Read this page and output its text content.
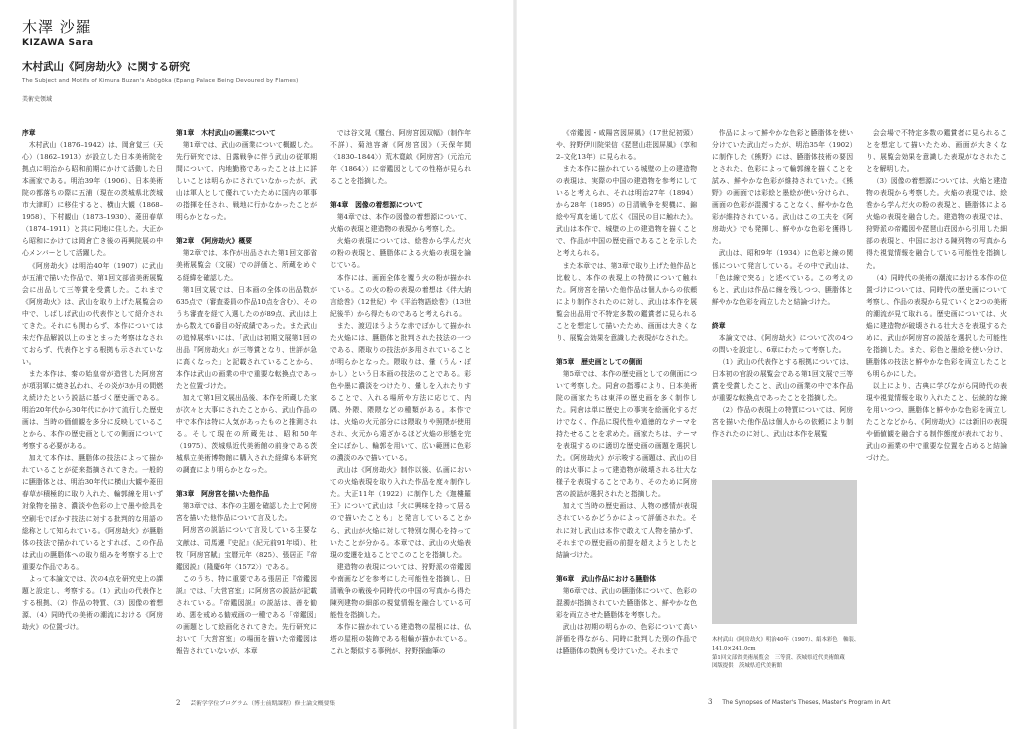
木澤 沙羅
KIZAWA Sara
木村武山《阿房劫火》に関する研究
The Subject and Motifs of Kimura Buzan's Abōgōka (Epang Palace Being Devoured by Flames)
美術史領域

序章

木村武山（1876–1942）は、岡倉覚三（天心）（1862–1913）が設立した日本美術院を拠点に明治から昭和前期にかけて活動した日本画家である。明治39年（1906）、日本美術院の都落ちの際に五浦（現在の茨城県北茨城市大津町）に移住すると、横山大観（1868–1958）、下村観山（1873–1930）、菱田春草（1874–1911）と共に同地に住した。大正から昭和にかけては岡倉亡き後の再興院展の中心メンバーとして活躍した。

《阿房劫火》は明治40年（1907）に武山が五浦で描いた作品で、第1回文部省美術展覧会に出品して三等賞を受賞した。これまで《阿房劫火》は、武山を取り上げた展覧会の中で、しばしば武山の代表作として紹介されてきた。それにも関わらず、本作については未だ作品解説以上のまとまった考察はなされておらず、代表作とする根拠も示されていない。

また本作は、秦の始皇帝が造営した阿房宮が項羽軍に焼き払われ、その炎が3か月の間燃え続けたという説話に基づく歴史画である。明治20年代から30年代にかけて流行した歴史画は、当時の価値観を多分に反映していることから、本作の歴史画としての側面について考察する必要がある。

加えて本作は、臙脂体の技法によって描かれていることが従来指摘されてきた。一般的に臙脂体とは、明治30年代に横山大観や菱田春草が積極的に取り入れた、輪郭線を用いず対象物を描き、濃淡や色彩の上で墨や絵具を空刷毛でぼかす技法に対する批判的な用語の総称として知られている。《阿房劫火》が臙脂体の技法で描かれているとすれば、この作品は武山の臙脂体への取り組みを考察する上で重要な作品である。

よって本論文では、次の4点を研究史上の課題と設定し、考察する。（1）武山の代表作とする根拠、（2）作品の特質、（3）図像の着想源、（4）同時代の美術の潮流における《阿房劫火》の位置づけ。

第1章　木村武山の画業について

第1章では、武山の画業について概観した。先行研究では、日露戦争に伴う武山の従軍期間について、内地勤務であったことは上に詳しいことは明らかにされていなかったが、武山は軍人として優れていたために国内の軍事の指揮を任され、戦地に行かなかったことが明らかとなった。

第2章　《阿房劫火》概要

第2章では、本作が出品された第1回文部省美術展覧会（文展）での評価と、所蔵をめぐる経緯を確認した。

第1回文展では、日本画の全体の出品数が635点で（審査委員の作品10点を含む）、そのうち審査を経て入選したのが89点、武山は上から数えて6番目の好成績であった。また武山の追悼展率いには、「武山は初期文展第1回の出品『阿房劫火』が三等賞となり、世評が急に高くなった」と記載されていることから、本作は武山の画業の中で重要な転換点であったと位置づけた。

加えて第1回文展出品後、本作を所蔵した家が次々と大事にされたことから、武山作品の中で本作は特に人気があったものと推測される。そして現在の所蔵先は、昭和50年（1975）、茨城県近代美術館の前身である茨城県立美術博物館に購入された経緯も本研究の調査により明らかとなった。

第3章　阿房宮を描いた他作品

第3章では、本作の主題を確認した上で阿房宮を描いた他作品について言及した。

阿房宮の説話について言及している主要な文献は、司馬遷『史記』（紀元前91年頃）、杜牧「阿房宮賦」宝暦元年（825）、張居正『帝鑑図説』（隆慶6年〈1572〉）である。

このうち、特に重要である張居正『帝鑑図説』では、「大営宮室」に阿房宮の説話が記載されている。『帝鑑図説』の説話は、善を勧め、悪を戒める勧戒画の一種である「帝鑑図」の画題として絵画化されてきた。先行研究において「大営宮室」の場面を描いた帝鑑図は報告されていないが、本章

では谷文晁《璽台、阿房宮図双幅》（制作年不詳）、菊池容斎《阿房宮図》（天保年間〈1830–1844〉）荒木寛畝《阿房宮》（元治元年〈1864〉）に帝鑑図としての性格が見られることを指摘した。

第4章　図像の着想源について

第4章では、本作の図像の着想源について、火焔の表現と建造物の表現から考察した。

火焔の表現については、絵巻から学んだ火の粉の表現と、臙脂体による火焔の表現を論じている。

本作には、画面全体を覆う火の粉が描かれている。この火の粉の表現の着想は《伴大納言絵巻》（12世紀）や《平治物語絵巻》（13世紀後半）から得たものであると考えられる。

また、渡辺ほうような赤でぼかして描かれた火焔には、臙脂体と批判された技法の一つである、隈取りの技法が多用されていることが明らかとなった。隈取りは、暈（うん・ぼかし）という日本画の技法のことである。彩色や墨に濃淡をつけたり、暈しを入れたりすることで、入れる場所や方法に応じて、内隅、外隈、隈隈などの種類がある。本作では、火焔の火元部分には隈取りや照隈が使用され、火元から遠ざかるほど火焔の形態を完全にぼかし、輪郭を用いて、広い範囲に色彩の濃淡のみで描いている。

武山は《阿房劫火》制作以後、仏画においての火焔表現を取り入れた作品を度々制作した。大正11年（1922）に制作した《迦樓羅王》について武山は「火に興味を持って居るので描いたことも」と発言していることから、武山が火焔に対して特別な関心を持っていたことが分かる。本章では、武山の火焔表現の変遷を辿ることでこのことを指摘した。

建造物の表現については、狩野派の帝鑑図や南画などを参考にした可能性を指摘し、日清戦争の戦後や同時代の中国の写真から得た陳列建物の細部の視覚情報を融合している可能性を指摘した。

本作に描かれている建造物の屋根には、仏塔の屋根の装飾である相輪が描かれている。これと類似する事例が、狩野探幽筆の

《帝鑑図・咸陽宮図屏風》（17世紀初頭）や、狩野伊川院栄信《琵琶山荘図屏風》（享和2–文化13年）に見られる。

また本作に描かれている城壁の上の建造物の表現は、実際の中国の建造物を参考にしていると考えられ、それは明治27年（1894）から28年（1895）の日清戦争を契機に、錦絵や写真を通して広く《国民の目に触れた》。武山は本作で、城壁の上の建造物を描くことで、作品が中国の歴史画であることを示したと考えられる。

また本章では、第3章で取り上げた他作品と比較し、本作の表現上の特徴について触れた。阿房宮を描いた他作品は個人からの依頼により制作されたのに対し、武山は本作を展覧会出品用で不特定多数の鑑賞者に見られることを想定して描いたため、画面は大きくなり、展覧会効果を意識した表現がなされた。

第5章　歴史画としての側面

第5章では、本作の歴史画としての側面について考察した。同倉の指導により、日本美術院の画家たちは東洋の歴史画を多く制作した。同倉は単に歴史上の事実を絵画化するだけでなく、作品に現代性や道徳的なテーマを持たせることを求めた。画家たちは、テーマを表現するのに適切な歴史画の画題を選択した。《阿房劫火》が示唆する画題は、武山の目的は火事によって建造物が破壊される壮大な様子を表現することであり、そのために阿房宮の説話が選択されたと指摘した。

加えて当時の歴史画は、人物の感情が表現されているかどうかによって評価された。それに対し武山は本作で敢えて人物を描かず、それまでの歴史画の前提を超えようとしたと結論づけた。

第6章　武山作品における臙脂体

第6章では、武山の臙脂体について、色彩の混濁が指摘されていた臙脂体と、鮮やかな色彩を両立させた臙脂体を考察した。

武山は初期の明らかの、色彩について高い評価を得ながら、同時に批判した別の作品では臙脂体の数例も受けていた。それまで

作品によって鮮やかな色彩と臙脂体を使い分けていた武山だったが、明治35年（1902）に制作した《熊野》には、臙脂体技術の要因とされた、色彩によって輪郭線を描くことを試み、鮮やかな色彩が維持されていた。《熊野》の画面では彩絵と墨絵が使い分けられ、画面の色彩が混濁することなく、鮮やかな色彩が維持されている。武山はこの工夫を《阿房劫火》でも発揮し、鮮やかな色彩を獲得した。

武山は、昭和9年（1934）に色彩と線の関係について発言している。その中で武山は、「色は線で突る」と述べている。この考えのもと、武山は作品に線を残しつつ、臙脂体と鮮やかな色彩を両立したと結論づけた。

終章

本論文では、《阿房劫火》について次の4つの問いを設定し、6章にわたって考察した。

（1）武山の代表作とする根拠については、日本初の官設の展覧会である第1回文展で三等賞を受賞したこと、武山の画業の中で本作品が重要な転換点であったことを指摘した。

（2）作品の表現上の特質については、阿房宮を描いた他作品は個人からの依頼により制作されたのに対し、武山は本作を展覧

会会場で不特定多数の鑑賞者に見られることを想定して描いたため、画面が大きくなり、展覧会効果を意識した表現がなされたことを解明した。

（3）図像の着想源については、火焔と建造物の表現から考察した。火焔の表現では、絵巻から学んだ火の粉の表現と、臙脂体による火焔の表現を融合した。建造物の表現では、狩野派の帝鑑図や琵琶山荘図から引用した細部の表現と、中国における陳列物の写真から得た視覚情報を融合している可能性を指摘した。

（4）同時代の美術の潮流における本作の位置づけについては、同時代の歴史画について考察し、作品の表現から見ていくと2つの美術的潮流が見て取れる。歴史画については、火焔に建造物が破壊される壮大さを表現するために、武山が阿房宮の説話を選択した可能性を指摘した。また、彩色と墨絵を使い分け、臙脂体の技法と鮮やかな色彩を両立したことも明らかにした。

以上により、古典に学びながら同時代の表現や視覚情報を取り入れたこと、伝統的な線を用いつつ、臙脂体と鮮やかな色彩を両立したことなどから、《阿房劫火》には新旧の表現や価値観を融合する制作態度が表れており、武山の画業の中で重要な位置を占めると結論づけた。

木村武山《阿房劫火》明治40年（1907）、絹本彩色　軸装、141.0×241.0cm
第1回文部省美術展覧会　三等賞、茨城県近代美術館蔵
図版提供　茨城県近代美術館
2 芸術学学位プログラム（博士前期課程）修士論文概要集	3 The Synopses of Master's Theses, Master's Program in Art
